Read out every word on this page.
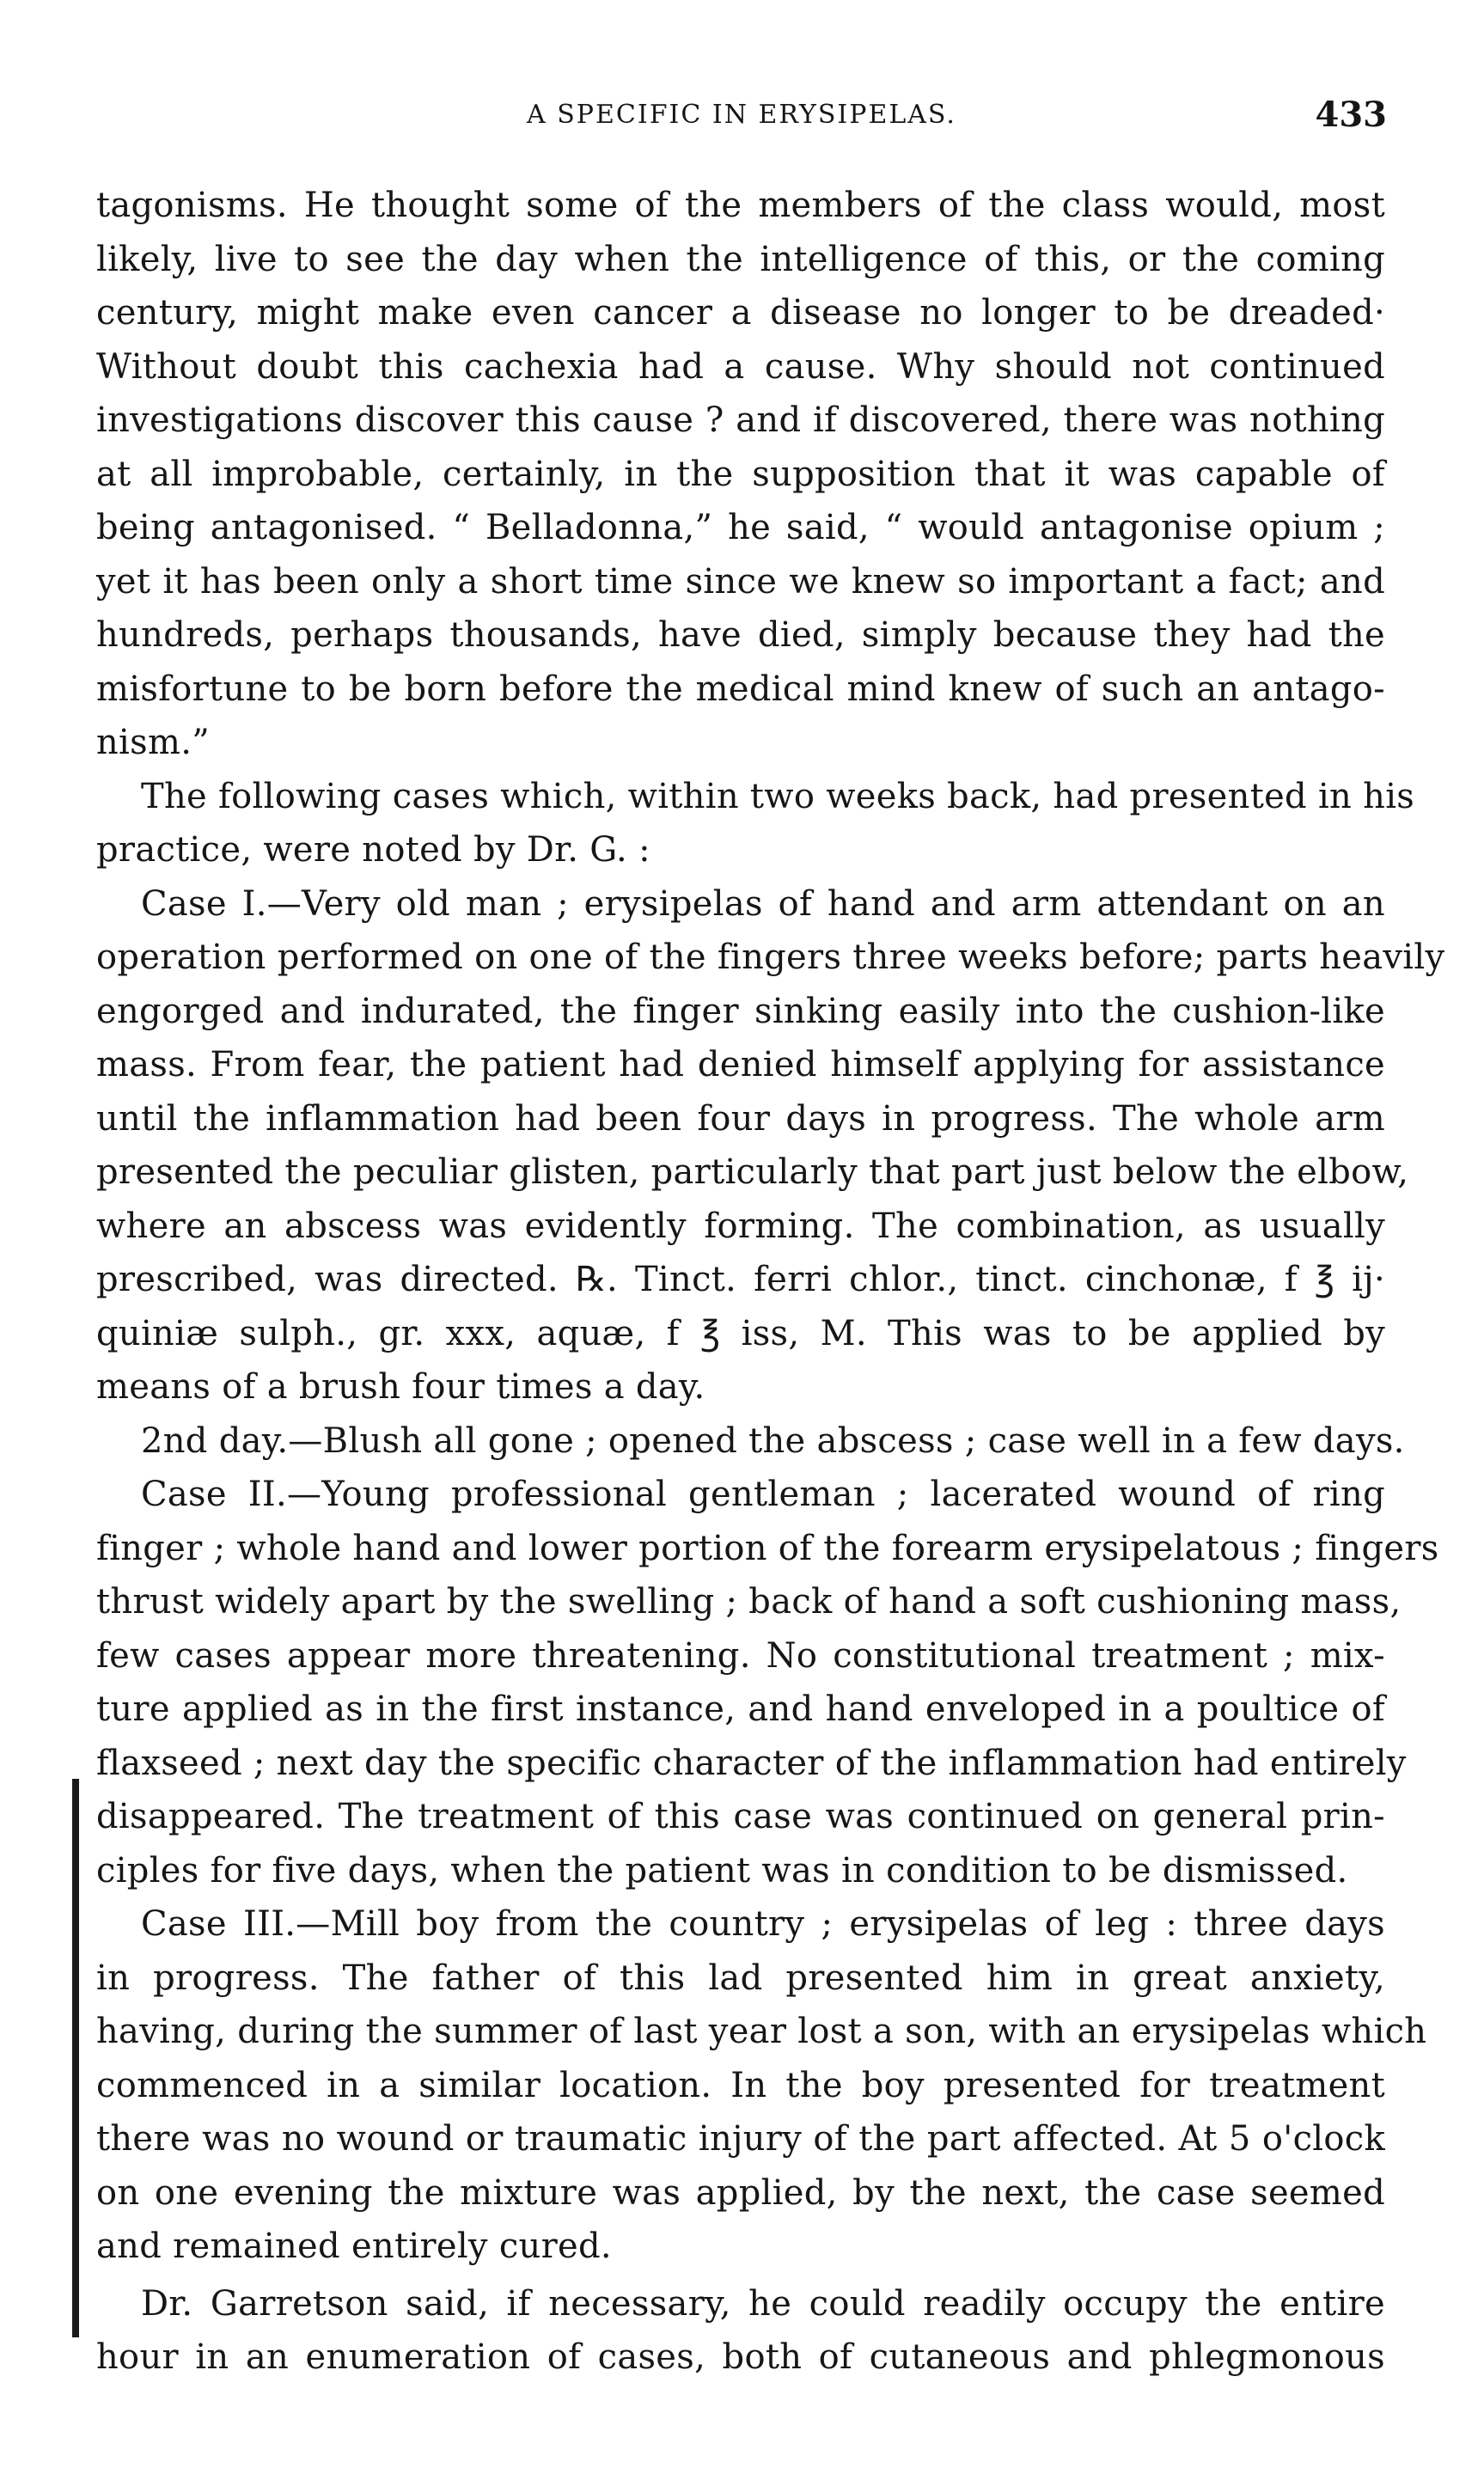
A SPECIFIC IN ERYSIPELAS.	433
tagonisms. He thought some of the members of the class would, most
likely, live to see the day when the intelligence of this, or the coming
century, might make even cancer a disease no longer to be dreaded·
Without doubt this cachexia had a cause. Why should not continued
investigations discover this cause ? and if discovered, there was nothing
at all improbable, certainly, in the supposition that it was capable of
being antagonised. “ Belladonna,” he said, “ would antagonise opium ;
yet it has been only a short time since we knew so important a fact; and
hundreds, perhaps thousands, have died, simply because they had the
misfortune to be born before the medical mind knew of such an antago-
nism.”
The following cases which, within two weeks back, had presented in his
practice, were noted by Dr. G. :
Case I.—Very old man ; erysipelas of hand and arm attendant on an
operation performed on one of the fingers three weeks before; parts heavily
engorged and indurated, the finger sinking easily into the cushion-like
mass. From fear, the patient had denied himself applying for assistance
until the inflammation had been four days in progress. The whole arm
presented the peculiar glisten, particularly that part just below the elbow,
where an abscess was evidently forming. The combination, as usually
prescribed, was directed. ℞. Tinct. ferri chlor., tinct. cinchonæ, f ℥ ij·
quiniæ sulph., gr. xxx, aquæ, f ℥ iss, M. This was to be applied by
means of a brush four times a day.
2nd day.—Blush all gone ; opened the abscess ; case well in a few days.
Case II.—Young professional gentleman ; lacerated wound of ring
finger ; whole hand and lower portion of the forearm erysipelatous ; fingers
thrust widely apart by the swelling ; back of hand a soft cushioning mass,
few cases appear more threatening. No constitutional treatment ; mix-
ture applied as in the first instance, and hand enveloped in a poultice of
flaxseed ; next day the specific character of the inflammation had entirely
disappeared. The treatment of this case was continued on general prin-
ciples for five days, when the patient was in condition to be dismissed.
Case III.—Mill boy from the country ; erysipelas of leg : three days
in progress. The father of this lad presented him in great anxiety,
having, during the summer of last year lost a son, with an erysipelas which
commenced in a similar location. In the boy presented for treatment
there was no wound or traumatic injury of the part affected. At 5 o'clock
on one evening the mixture was applied, by the next, the case seemed
and remained entirely cured.
Dr. Garretson said, if necessary, he could readily occupy the entire
hour in an enumeration of cases, both of cutaneous and phlegmonous
